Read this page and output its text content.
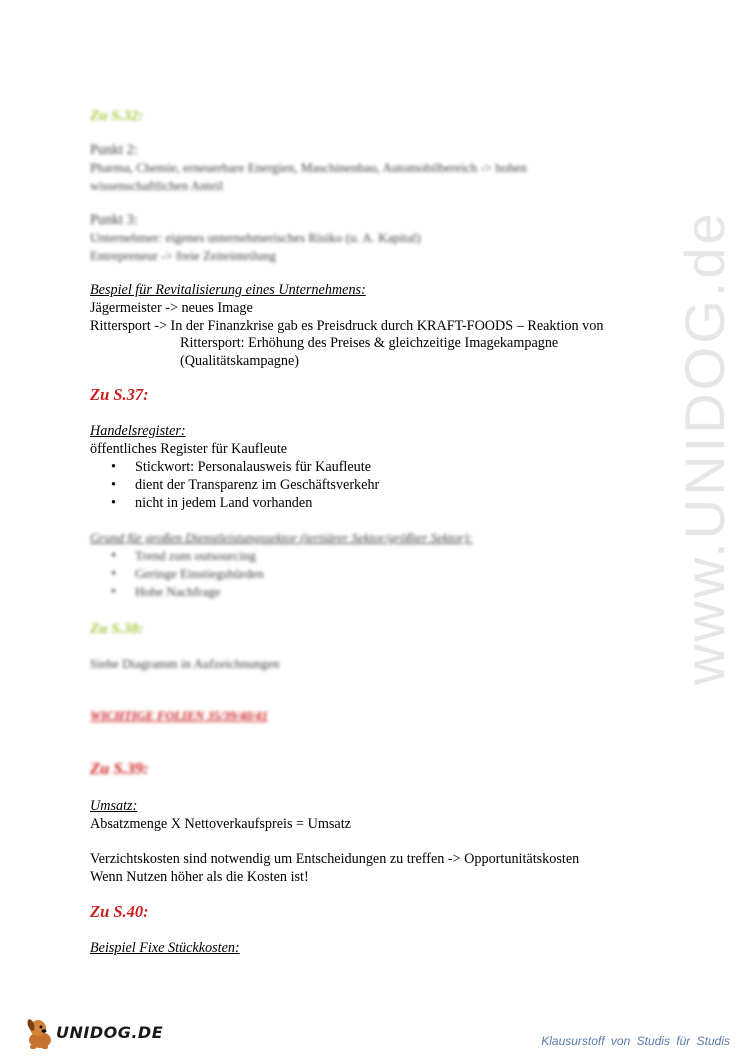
www.UNIDOG.de
Zu S.32:
Punkt 2:
Pharma, Chemie, erneuerbare Energien, Maschinenbau, Automobilbereich -> hohen
wissenschaftlichen Anteil
Punkt 3:
Unternehmer: eigenes unternehmerisches Risiko (u. A. Kapital)
Entrepreneur -> freie Zeiteinteilung
Bespiel für Revitalisierung eines Unternehmens:
Jägermeister -> neues Image
Rittersport -> In der Finanzkrise gab es Preisdruck durch KRAFT-FOODS – Reaktion von
Rittersport: Erhöhung des Preises & gleichzeitige Imagekampagne
(Qualitätskampagne)
Zu S.37:
Handelsregister:
öffentliches Register für Kaufleute
• Stickwort: Personalausweis für Kaufleute
• dient der Transparenz im Geschäftsverkehr
• nicht in jedem Land vorhanden
Grund für großen Dienstleistungssektor (tertiärer Sektor/größter Sektor):
• Trend zum outsourcing
• Geringe Einstiegshürden
• Hohe Nachfrage
Zu S.38:
Siehe Diagramm in Aufzeichnungen
WICHTIGE FOLIEN 35/39/40/41
Zu S.39:
Umsatz:
Absatzmenge X Nettoverkaufspreis = Umsatz
Verzichtskosten sind notwendig um Entscheidungen zu treffen -> Opportunitätskosten
Wenn Nutzen höher als die Kosten ist!
Zu S.40:
Beispiel Fixe Stückkosten:
UNIDOG.DE	Klausurstoff von Studis für Studis
